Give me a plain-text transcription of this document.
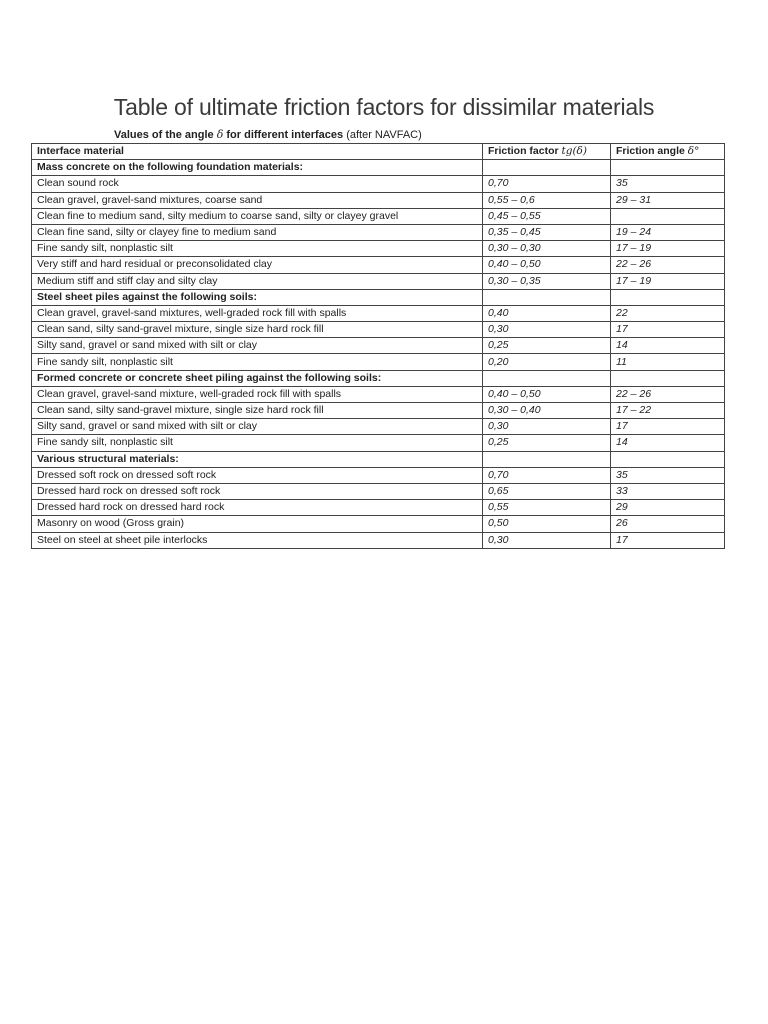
Table of ultimate friction factors for dissimilar materials
Values of the angle δ for different interfaces (after NAVFAC)
Interface material	Friction factor tg(δ)	Friction angle δ°
Mass concrete on the following foundation materials:		
Clean sound rock	0,70	35
Clean gravel, gravel-sand mixtures, coarse sand	0,55 – 0,6	29 – 31
Clean fine to medium sand, silty medium to coarse sand, silty or clayey gravel	0,45 – 0,55	
Clean fine sand, silty or clayey fine to medium sand	0,35 – 0,45	19 – 24
Fine sandy silt, nonplastic silt	0,30 – 0,30	17 – 19
Very stiff and hard residual or preconsolidated clay	0,40 – 0,50	22 – 26
Medium stiff and stiff clay and silty clay	0,30 – 0,35	17 – 19
Steel sheet piles against the following soils:		
Clean gravel, gravel-sand mixtures, well-graded rock fill with spalls	0,40	22
Clean sand, silty sand-gravel mixture, single size hard rock fill	0,30	17
Silty sand, gravel or sand mixed with silt or clay	0,25	14
Fine sandy silt, nonplastic silt	0,20	11
Formed concrete or concrete sheet piling against the following soils:		
Clean gravel, gravel-sand mixture, well-graded rock fill with spalls	0,40 – 0,50	22 – 26
Clean sand, silty sand-gravel mixture, single size hard rock fill	0,30 – 0,40	17 – 22
Silty sand, gravel or sand mixed with silt or clay	0,30	17
Fine sandy silt, nonplastic silt	0,25	14
Various structural materials:		
Dressed soft rock on dressed soft rock	0,70	35
Dressed hard rock on dressed soft rock	0,65	33
Dressed hard rock on dressed hard rock	0,55	29
Masonry on wood (Gross grain)	0,50	26
Steel on steel at sheet pile interlocks	0,30	17
